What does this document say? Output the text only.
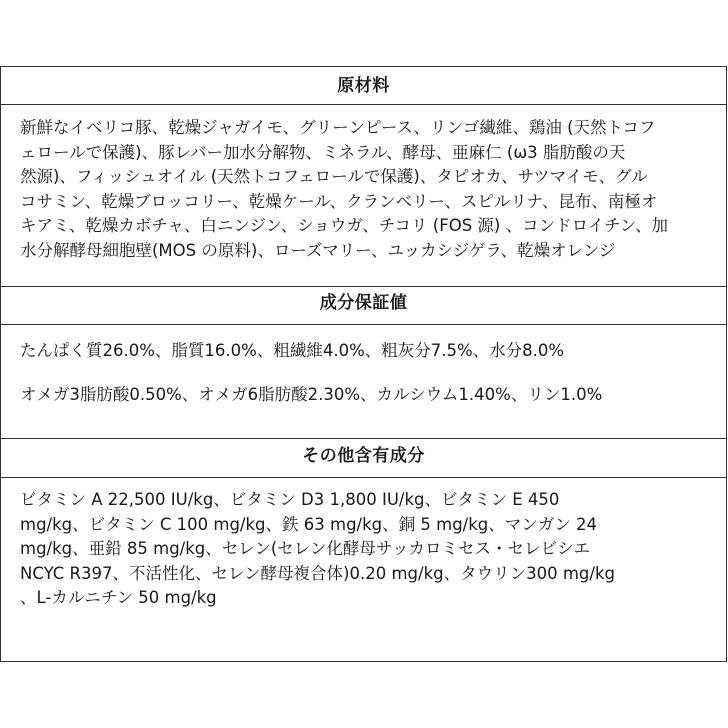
原材料
新鮮なイベリコ豚、乾燥ジャガイモ、グリーンピース、リンゴ繊維、鶏油 (天然トコフ
ェロールで保護)、豚レバー加水分解物、ミネラル、酵母、亜麻仁 (ω3 脂肪酸の天
然源)、フィッシュオイル (天然トコフェロールで保護)、タピオカ、サツマイモ、グル
コサミン、乾燥ブロッコリー、乾燥ケール、クランベリー、スピルリナ、昆布、南極オ
キアミ、乾燥カボチャ、白ニンジン、ショウガ、チコリ (FOS 源) 、コンドロイチン、加
水分解酵母細胞壁(MOS の原料)、ローズマリー、ユッカシジゲラ、乾燥オレンジ
成分保証値
たんぱく質26.0%、脂質16.0%、粗繊維4.0%、粗灰分7.5%、水分8.0%
オメガ3脂肪酸0.50%、オメガ6脂肪酸2.30%、カルシウム1.40%、リン1.0%
その他含有成分
ビタミン A 22,500 IU/kg、ビタミン D3 1,800 IU/kg、ビタミン E 450
mg/kg、ビタミン C 100 mg/kg、鉄 63 mg/kg、銅 5 mg/kg、マンガン 24
mg/kg、亜鉛 85 mg/kg、セレン(セレン化酵母サッカロミセス・セレビシエ
NCYC R397、不活性化、セレン酵母複合体)0.20 mg/kg、タウリン300 mg/kg
、L-カルニチン 50 mg/kg
